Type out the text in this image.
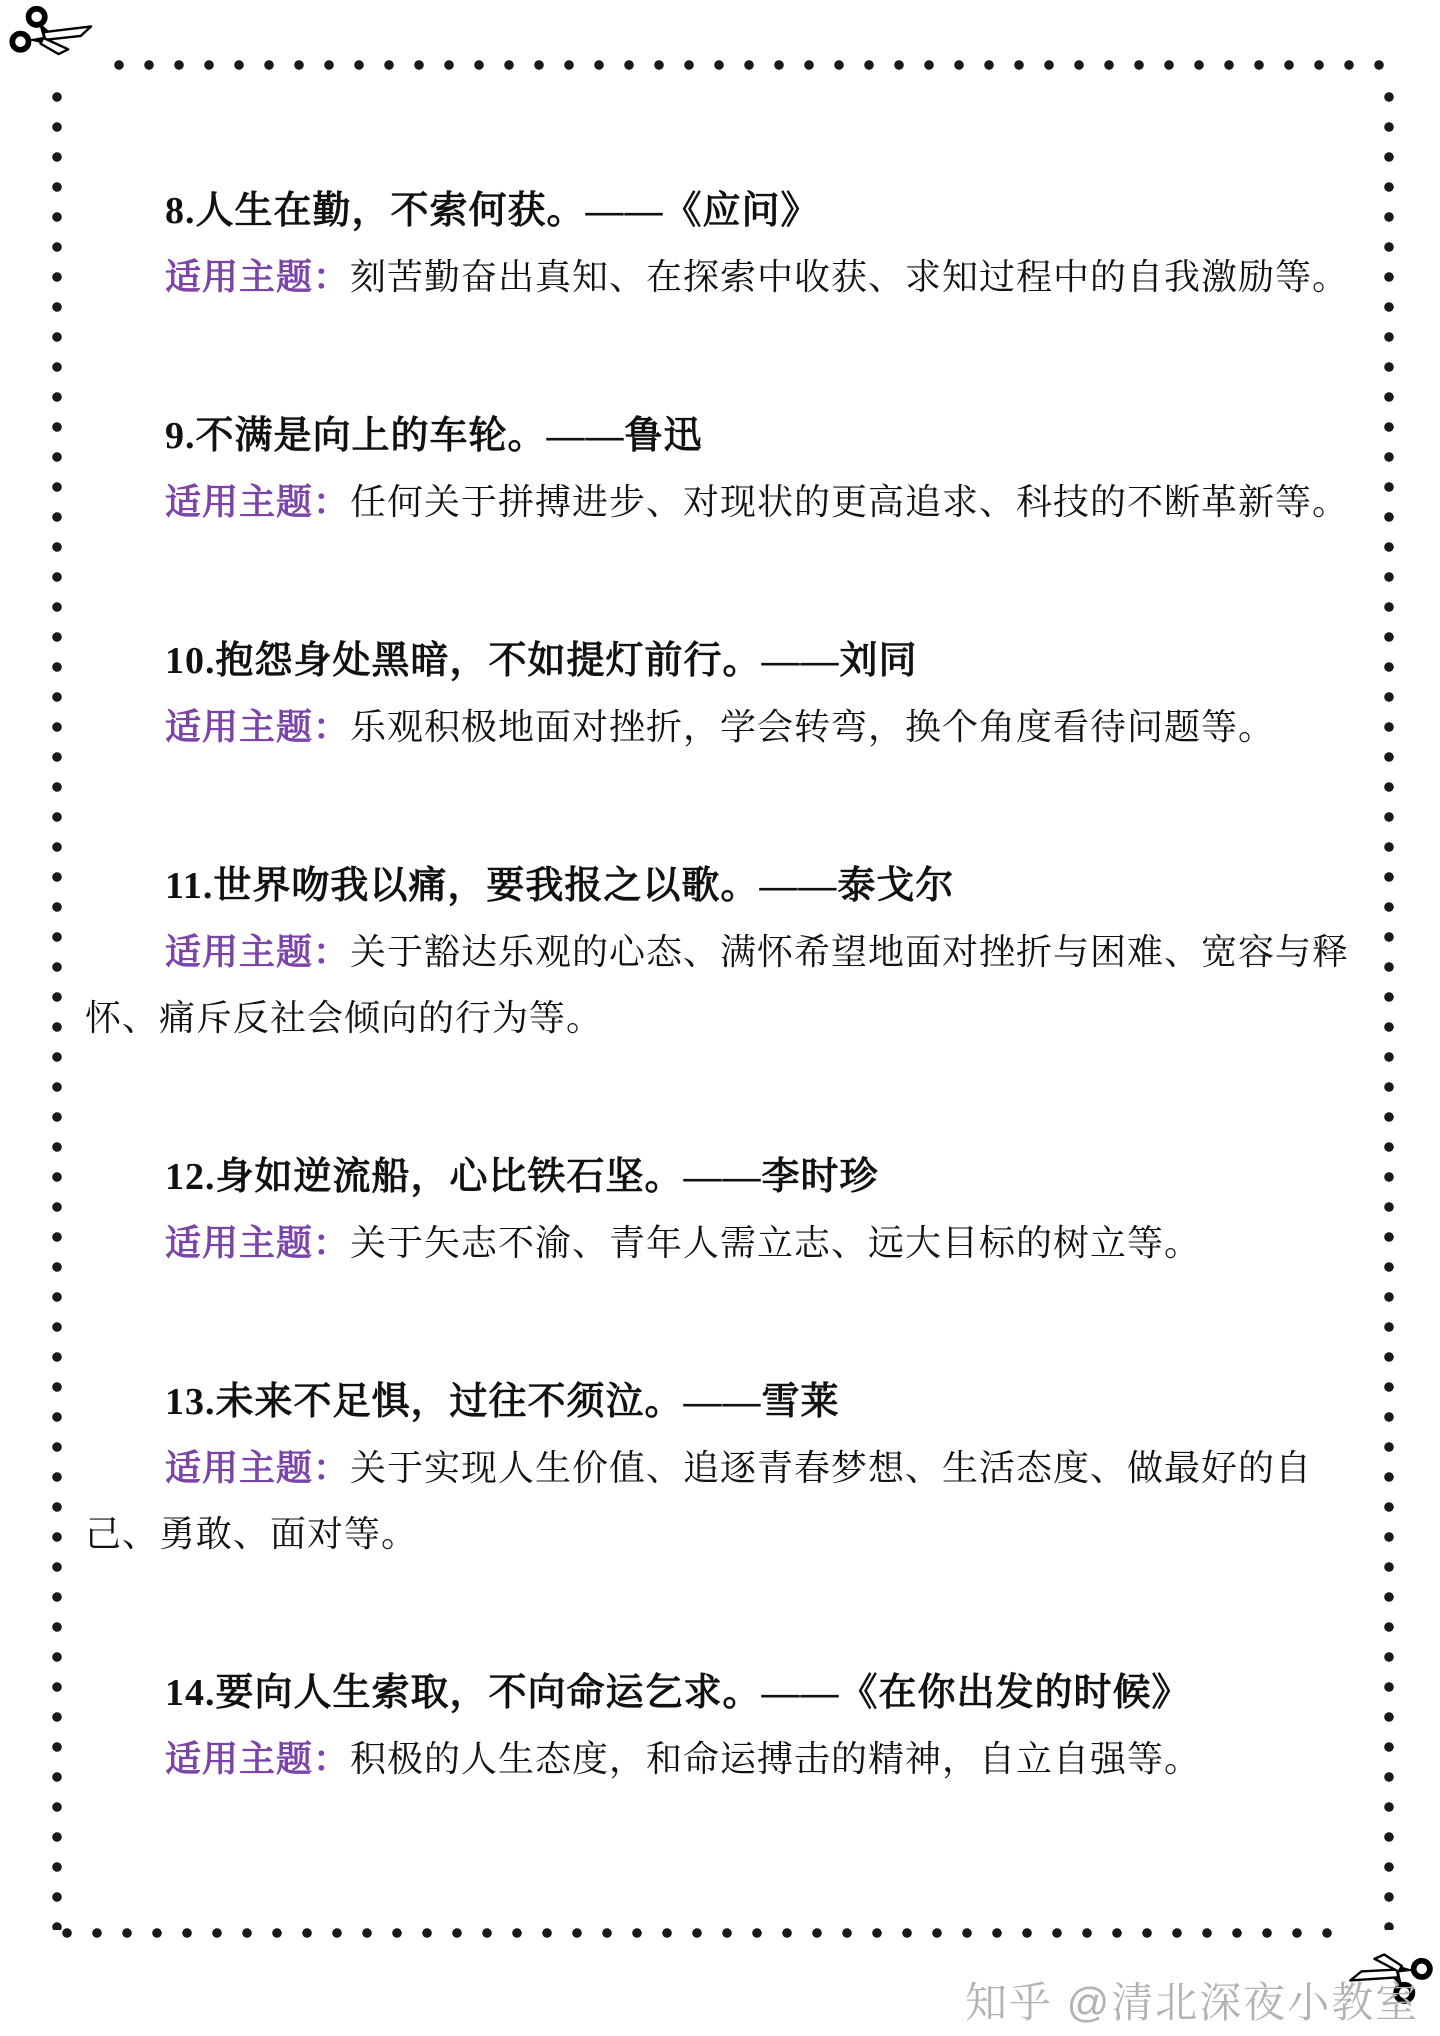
8.人生在勤，不索何获。——《应问》

适用主题：刻苦勤奋出真知、在探索中收获、求知过程中的自我激励等。

9.不满是向上的车轮。——鲁迅

适用主题：任何关于拼搏进步、对现状的更高追求、科技的不断革新等。

10.抱怨身处黑暗，不如提灯前行。——刘同

适用主题：乐观积极地面对挫折，学会转弯，换个角度看待问题等。

11.世界吻我以痛，要我报之以歌。——泰戈尔

适用主题：关于豁达乐观的心态、满怀希望地面对挫折与困难、宽容与释怀、痛斥反社会倾向的行为等。

12.身如逆流船，心比铁石坚。——李时珍

适用主题：关于矢志不渝、青年人需立志、远大目标的树立等。

13.未来不足惧，过往不须泣。——雪莱

适用主题：关于实现人生价值、追逐青春梦想、生活态度、做最好的自己、勇敢、面对等。

14.要向人生索取，不向命运乞求。——《在你出发的时候》

适用主题：积极的人生态度，和命运搏击的精神，自立自强等。

知乎 @清北深夜小教室
